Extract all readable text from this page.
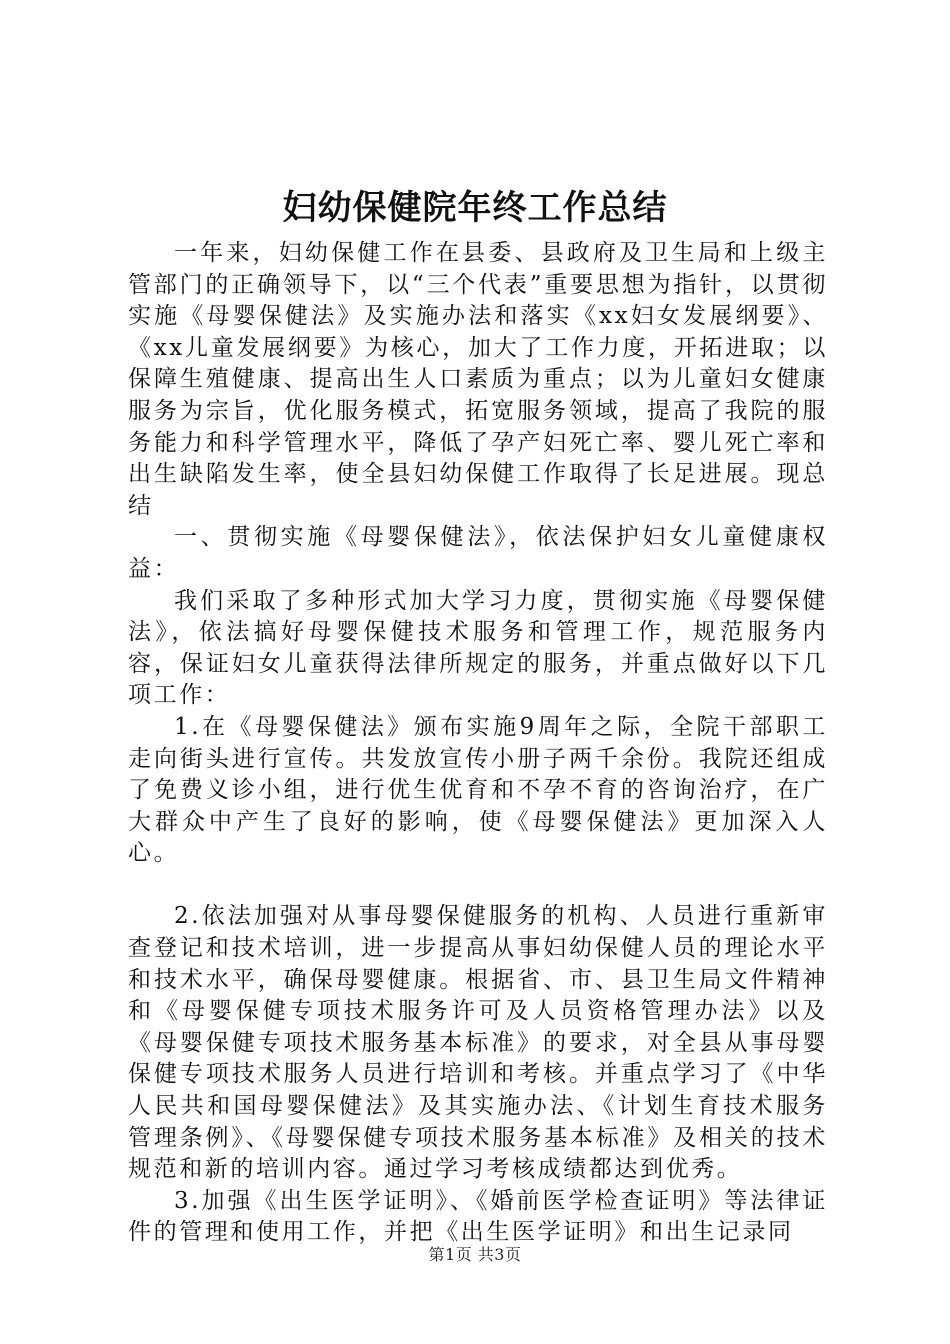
妇幼保健院年终工作总结

一年来，妇幼保健工作在县委、县政府及卫生局和上级主管部门的正确领导下，以“三个代表”重要思想为指针，以贯彻实施《母婴保健法》及实施办法和落实《xx妇女发展纲要》、《xx儿童发展纲要》为核心，加大了工作力度，开拓进取；以保障生殖健康、提高出生人口素质为重点；以为儿童妇女健康服务为宗旨，优化服务模式，拓宽服务领域，提高了我院的服务能力和科学管理水平，降低了孕产妇死亡率、婴儿死亡率和出生缺陷发生率，使全县妇幼保健工作取得了长足进展。现总结

一、贯彻实施《母婴保健法》，依法保护妇女儿童健康权益：

我们采取了多种形式加大学习力度，贯彻实施《母婴保健法》，依法搞好母婴保健技术服务和管理工作，规范服务内容，保证妇女儿童获得法律所规定的服务，并重点做好以下几项工作：

1.在《母婴保健法》颁布实施9周年之际，全院干部职工走向街头进行宣传。共发放宣传小册子两千余份。我院还组成了免费义诊小组，进行优生优育和不孕不育的咨询治疗，在广大群众中产生了良好的影响，使《母婴保健法》更加深入人心。

2.依法加强对从事母婴保健服务的机构、人员进行重新审查登记和技术培训，进一步提高从事妇幼保健人员的理论水平和技术水平，确保母婴健康。根据省、市、县卫生局文件精神和《母婴保健专项技术服务许可及人员资格管理办法》以及《母婴保健专项技术服务基本标准》的要求，对全县从事母婴保健专项技术服务人员进行培训和考核。并重点学习了《中华人民共和国母婴保健法》及其实施办法、《计划生育技术服务管理条例》、《母婴保健专项技术服务基本标准》及相关的技术规范和新的培训内容。通过学习考核成绩都达到优秀。

3.加强《出生医学证明》、《婚前医学检查证明》等法律证件的管理和使用工作，并把《出生医学证明》和出生记录同

第1页 共3页
